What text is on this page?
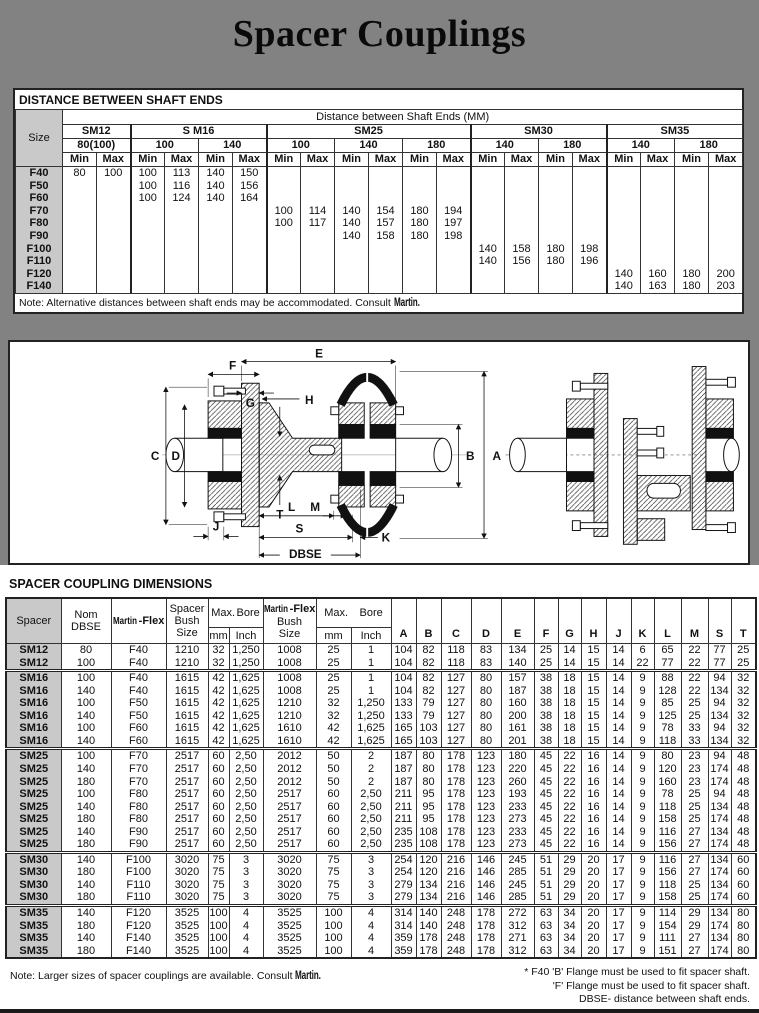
Spacer Couplings
DISTANCE BETWEEN SHAFT ENDS
Size	Distance between Shaft Ends (MM)																			
	SM12		S M16				SM25						SM30				SM35			
	80(100)		100		140		100		140		180		140		180		140		180	
	Min	Max	Min	Max	Min	Max	Min	Max	Min	Max	Min	Max	Min	Max	Min	Max	Min	Max	Min	Max
F40	80	100	100	113	140	150														
F50			100	116	140	156														
F60			100	124	140	164														
F70							100	114	140	154	180	194								
F80							100	117	140	157	180	197								
F90									140	158	180	198								
F100													140	158	180	198				
F110													140	156	180	196				
F120																	140	160	180	200
F140																	140	163	180	203
Note: Alternative distances between shaft ends may be accommodated. Consult Martin.
E
F
G	H
C D	B A
T
J
L M
S
K
DBSE
SPACER COUPLING DIMENSIONS
Spacer	Nom
DBSE	Martin -Flex	Spacer
Bush
Size	Max. Bore		Martin -Flex
Bush
Size	Max. Bore		A	B	C	D	E	F	G	H	J	K	L	M	S	T
				mm	Inch		mm	Inch														
SM12	80	F40	1210	32	1,250	1008	25	1	104	82	118	83	134	25	14	15	14	6	65	22	77	25
SM12	100	F40	1210	32	1,250	1008	25	1	104	82	118	83	140	25	14	15	14	22	77	22	77	25
SM16	100	F40	1615	42	1,625	1008	25	1	104	82	127	80	157	38	18	15	14	9	88	22	94	32
SM16	140	F40	1615	42	1,625	1008	25	1	104	82	127	80	187	38	18	15	14	9	128	22	134	32
SM16	100	F50	1615	42	1,625	1210	32	1,250	133	79	127	80	160	38	18	15	14	9	85	25	94	32
SM16	140	F50	1615	42	1,625	1210	32	1,250	133	79	127	80	200	38	18	15	14	9	125	25	134	32
SM16	100	F60	1615	42	1,625	1610	42	1,625	165	103	127	80	161	38	18	15	14	9	78	33	94	32
SM16	140	F60	1615	42	1,625	1610	42	1,625	165	103	127	80	201	38	18	15	14	9	118	33	134	32
SM25	100	F70	2517	60	2,50	2012	50	2	187	80	178	123	180	45	22	16	14	9	80	23	94	48
SM25	140	F70	2517	60	2,50	2012	50	2	187	80	178	123	220	45	22	16	14	9	120	23	174	48
SM25	180	F70	2517	60	2,50	2012	50	2	187	80	178	123	260	45	22	16	14	9	160	23	174	48
SM25	100	F80	2517	60	2,50	2517	60	2,50	211	95	178	123	193	45	22	16	14	9	78	25	94	48
SM25	140	F80	2517	60	2,50	2517	60	2,50	211	95	178	123	233	45	22	16	14	9	118	25	134	48
SM25	180	F80	2517	60	2,50	2517	60	2,50	211	95	178	123	273	45	22	16	14	9	158	25	174	48
SM25	140	F90	2517	60	2,50	2517	60	2,50	235	108	178	123	233	45	22	16	14	9	116	27	134	48
SM25	180	F90	2517	60	2,50	2517	60	2,50	235	108	178	123	273	45	22	16	14	9	156	27	174	48
SM30	140	F100	3020	75	3	3020	75	3	254	120	216	146	245	51	29	20	17	9	116	27	134	60
SM30	180	F100	3020	75	3	3020	75	3	254	120	216	146	285	51	29	20	17	9	156	27	174	60
SM30	140	F110	3020	75	3	3020	75	3	279	134	216	146	245	51	29	20	17	9	118	25	134	60
SM30	180	F110	3020	75	3	3020	75	3	279	134	216	146	285	51	29	20	17	9	158	25	174	60
SM35	140	F120	3525	100	4	3525	100	4	314	140	248	178	272	63	34	20	17	9	114	29	134	80
SM35	180	F120	3525	100	4	3525	100	4	314	140	248	178	312	63	34	20	17	9	154	29	174	80
SM35	140	F140	3525	100	4	3525	100	4	359	178	248	178	271	63	34	20	17	9	111	27	134	80
SM35	180	F140	3525	100	4	3525	100	4	359	178	248	178	312	63	34	20	17	9	151	27	174	80
Note: Larger sizes of spacer couplings are available. Consult Martin.	* F40 'B' Flange must be used to fit spacer shaft.
'F' Flange must be used to fit spacer shaft.
DBSE- distance between shaft ends.
